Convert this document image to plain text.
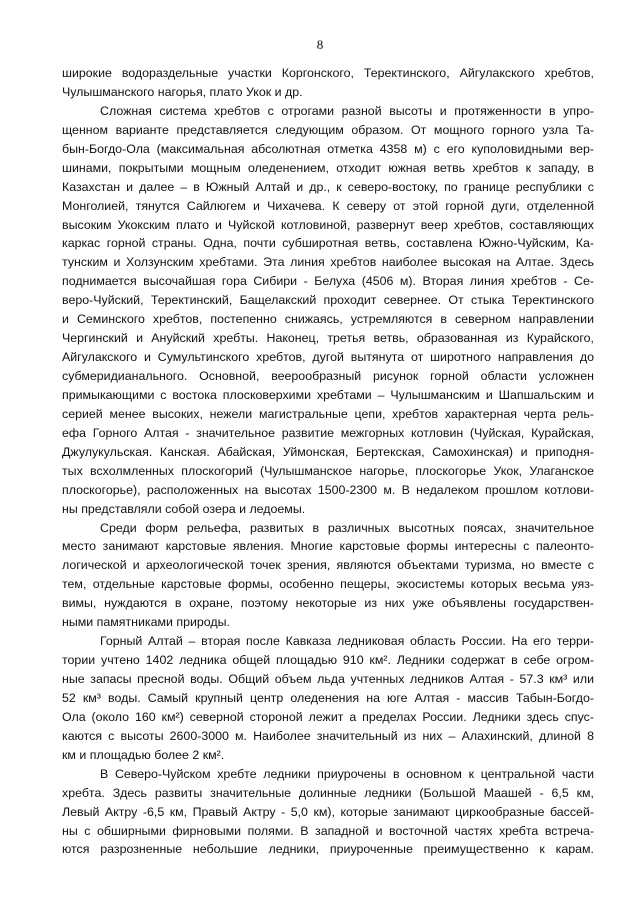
8
широкие водораздельные участки Коргонского, Теректинского, Айгулакского хребтов,
Чулышманского нагорья, плато Укок и др.
Сложная система хребтов с отрогами разной высоты и протяженности в упро-
щенном варианте представляется следующим образом. От мощного горного узла Та-
бын-Богдо-Ола (максимальная абсолютная отметка 4358 м) с его куполовидными вер-
шинами, покрытыми мощным оледенением, отходит южная ветвь хребтов к западу, в
Казахстан и далее – в Южный Алтай и др., к северо-востоку, по границе республики с
Монголией, тянутся Сайлюгем и Чихачева. К северу от этой горной дуги, отделенной
высоким Укокским плато и Чуйской котловиной, развернут веер хребтов, составляющих
каркас горной страны. Одна, почти субширотная ветвь, составлена Южно-Чуйским, Ка-
тунским и Холзунским хребтами. Эта линия хребтов наиболее высокая на Алтае. Здесь
поднимается высочайшая гора Сибири - Белуха (4506 м). Вторая линия хребтов - Се-
веро-Чуйский, Теректинский, Бащелакский проходит севернее. От стыка Теректинского
и Семинского хребтов, постепенно снижаясь, устремляются в северном направлении
Чергинский и Ануйский хребты. Наконец, третья ветвь, образованная из Курайского,
Айгулакского и Сумультинского хребтов, дугой вытянута от широтного направления до
субмеридианального. Основной, веерообразный рисунок горной области усложнен
примыкающими с востока плосковерхими хребтами – Чулышманским и Шапшальским и
серией менее высоких, нежели магистральные цепи, хребтов характерная черта рель-
ефа Горного Алтая - значительное развитие межгорных котловин (Чуйская, Курайская,
Джулукульская. Канская. Абайская, Уймонская, Бертекская, Самохинская) и приподня-
тых всхолмленных плоскогорий (Чулышманское нагорье, плоскогорье Укок, Улаганское
плоскогорье), расположенных на высотах 1500-2300 м. В недалеком прошлом котлови-
ны представляли собой озера и ледоемы.
Среди форм рельефа, развитых в различных высотных поясах, значительное
место занимают карстовые явления. Многие карстовые формы интересны с палеонто-
логической и археологической точек зрения, являются объектами туризма, но вместе с
тем, отдельные карстовые формы, особенно пещеры, экосистемы которых весьма уяз-
вимы, нуждаются в охране, поэтому некоторые из них уже объявлены государствен-
ными памятниками природы.
Горный Алтай – вторая после Кавказа ледниковая область России. На его терри-
тории учтено 1402 ледника общей площадью 910 км². Ледники содержат в себе огром-
ные запасы пресной воды. Общий объем льда учтенных ледников Алтая - 57.3 км³ или
52 км³ воды. Самый крупный центр оледенения на юге Алтая - массив Табын-Богдо-
Ола (около 160 км²) северной стороной лежит а пределах России. Ледники здесь спус-
каются с высоты 2600-3000 м. Наиболее значительный из них – Алахинский, длиной 8
км и площадью более 2 км².
В Северо-Чуйском хребте ледники приурочены в основном к центральной части
хребта. Здесь развиты значительные долинные ледники (Большой Маашей - 6,5 км,
Левый Актру -6,5 км, Правый Актру - 5,0 км), которые занимают циркообразные бассей-
ны с обширными фирновыми полями. В западной и восточной частях хребта встреча-
ются разрозненные небольшие ледники, приуроченные преимущественно к карам.
